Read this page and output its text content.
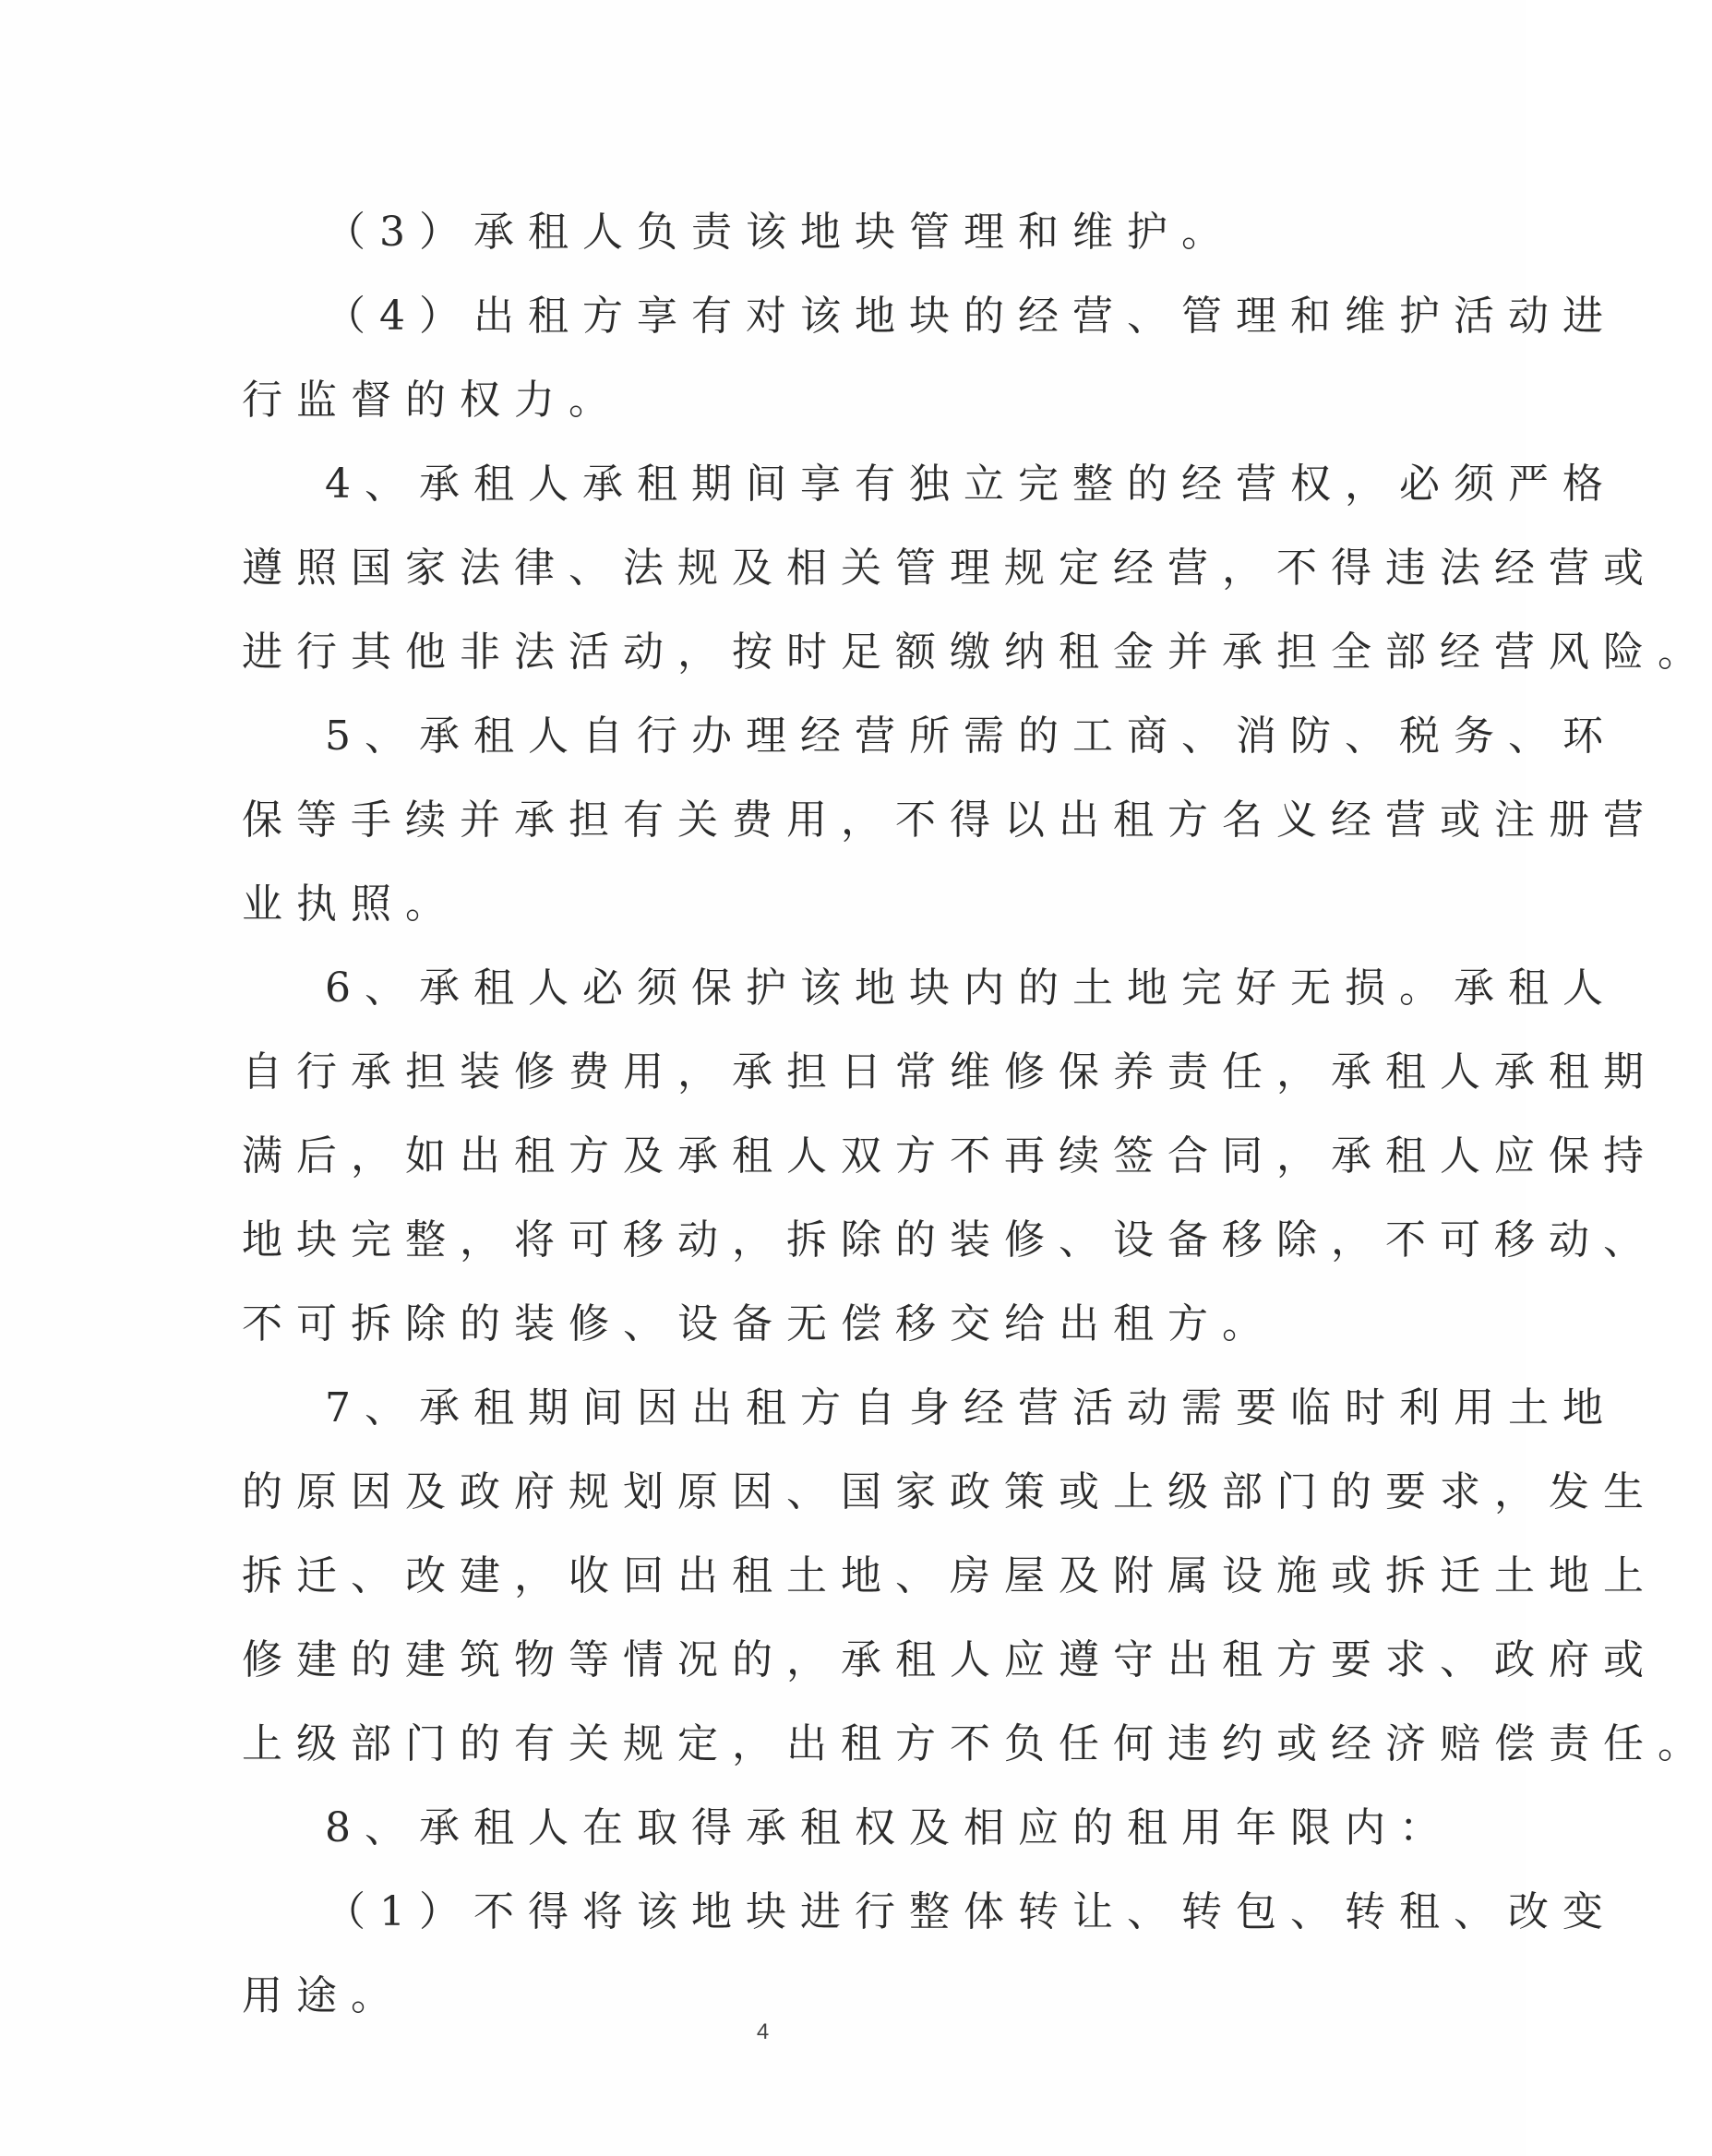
（3）承租人负责该地块管理和维护。
（4）出租方享有对该地块的经营、管理和维护活动进
行监督的权力。
4、承租人承租期间享有独立完整的经营权，必须严格
遵照国家法律、法规及相关管理规定经营，不得违法经营或
进行其他非法活动，按时足额缴纳租金并承担全部经营风险。
5、承租人自行办理经营所需的工商、消防、税务、环
保等手续并承担有关费用，不得以出租方名义经营或注册营
业执照。
6、承租人必须保护该地块内的土地完好无损。承租人
自行承担装修费用，承担日常维修保养责任，承租人承租期
满后，如出租方及承租人双方不再续签合同，承租人应保持
地块完整，将可移动，拆除的装修、设备移除，不可移动、
不可拆除的装修、设备无偿移交给出租方。
7、承租期间因出租方自身经营活动需要临时利用土地
的原因及政府规划原因、国家政策或上级部门的要求，发生
拆迁、改建，收回出租土地、房屋及附属设施或拆迁土地上
修建的建筑物等情况的，承租人应遵守出租方要求、政府或
上级部门的有关规定，出租方不负任何违约或经济赔偿责任。
8、承租人在取得承租权及相应的租用年限内：
（1）不得将该地块进行整体转让、转包、转租、改变
用途。
4
